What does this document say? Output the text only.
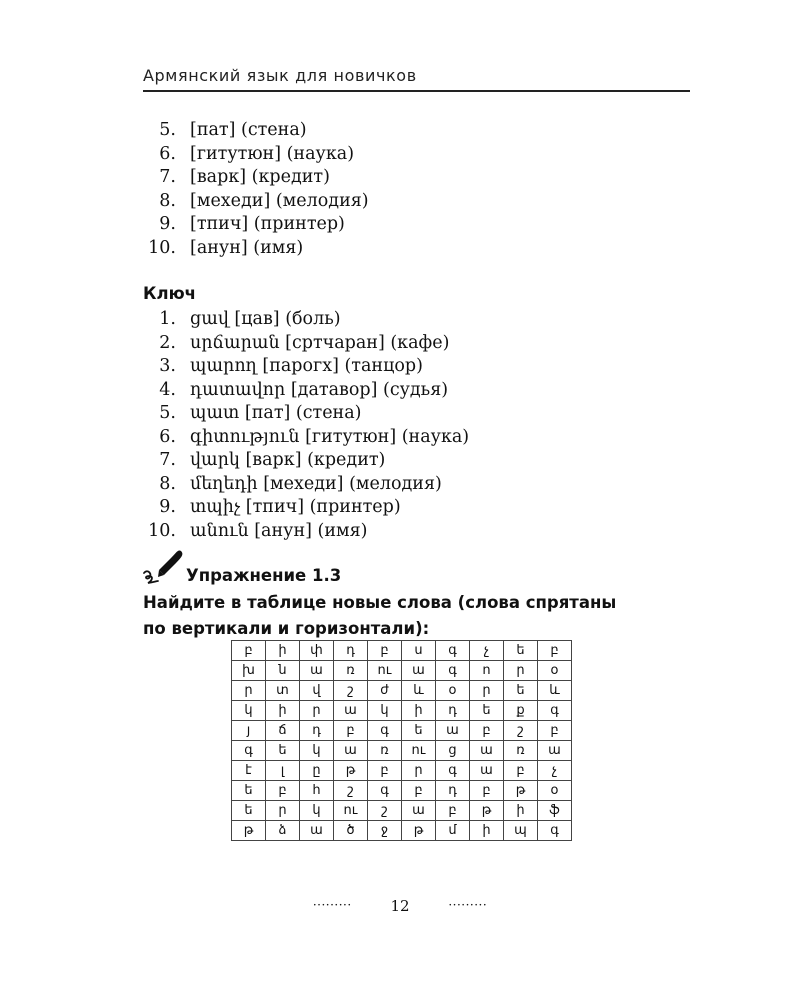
Армянский язык для новичков
5. [пат] (стена)
6. [гитутюн] (наука)
7. [варк] (кредит)
8. [мехеди] (мелодия)
9. [тпич] (принтер)
10. [анун] (имя)
Ключ
1. ցավ [цав] (боль)
2. սրճարան [сртчаран] (кафе)
3. պարող [парогх] (танцор)
4. դատավոր [датавор] (судья)
5. պատ [пат] (стена)
6. գիտություն [гитутюн] (наука)
7. վարկ [варк] (кредит)
8. մեղեդի [мехеди] (мелодия)
9. տպիչ [тпич] (принтер)
10. անուն [анун] (имя)
Упражнение 1.3
Найдите в таблице новые слова (слова спрятаны
по вертикали и горизонтали):
բ	ի	փ	դ	բ	ս	գ	չ	ե	բ
խ	ն	ա	ռ	ու	ա	գ	ո	ր	օ
ր	տ	վ	շ	ժ	և	օ	ր	ե	և
կ	ի	ր	ա	կ	ի	դ	ե	ք	գ
յ	ճ	դ	բ	գ	ե	ա	բ	շ	բ
գ	ե	կ	ա	ռ	ու	ց	ա	ռ	ա
է	լ	ը	թ	բ	ր	գ	ա	բ	չ
ե	բ	հ	շ	գ	բ	դ	բ	թ	օ
ե	ր	կ	ու	շ	ա	բ	թ	ի	ֆ
թ	ձ	ա	ծ	ջ	թ	մ	ի	պ	գ
·········	12	·········
